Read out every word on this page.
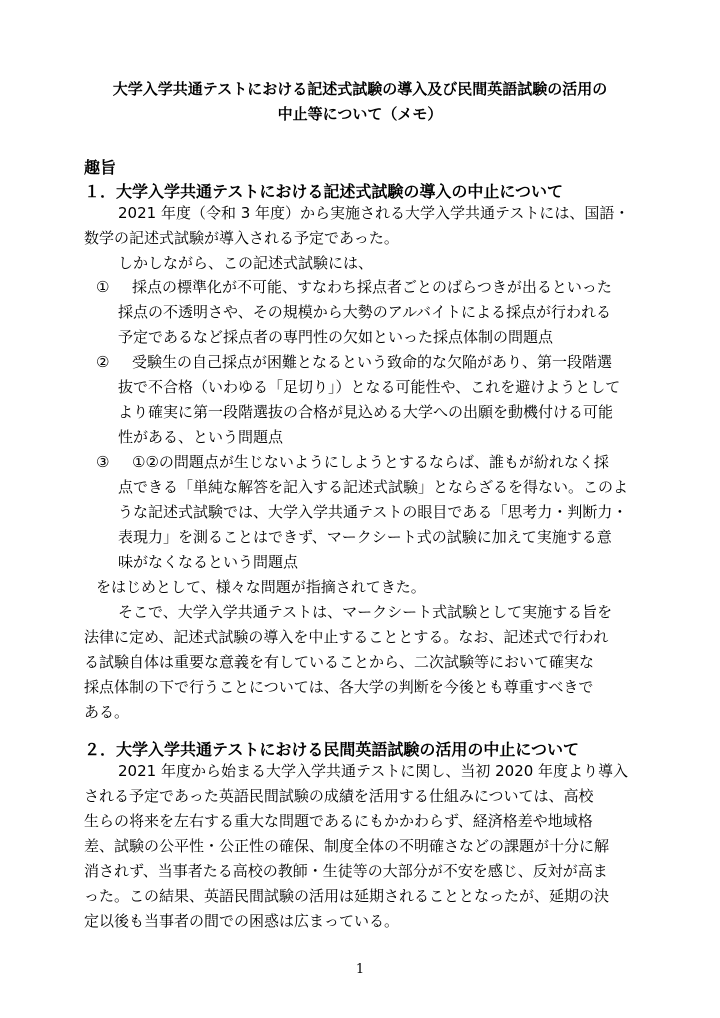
大学入学共通テストにおける記述式試験の導入及び民間英語試験の活用の
中止等について（メモ）
趣旨
１．大学入学共通テストにおける記述式試験の導入の中止について
2021 年度（令和 3 年度）から実施される大学入学共通テストには、国語・
数学の記述式試験が導入される予定であった。
しかしながら、この記述式試験には、
① 採点の標準化が不可能、すなわち採点者ごとのばらつきが出るといった
採点の不透明さや、その規模から大勢のアルバイトによる採点が行われる
予定であるなど採点者の専門性の欠如といった採点体制の問題点
② 受験生の自己採点が困難となるという致命的な欠陥があり、第一段階選
抜で不合格（いわゆる「足切り」）となる可能性や、これを避けようとして
より確実に第一段階選抜の合格が見込める大学への出願を動機付ける可能
性がある、という問題点
③ ①②の問題点が生じないようにしようとするならば、誰もが紛れなく採
点できる「単純な解答を記入する記述式試験」とならざるを得ない。このよ
うな記述式試験では、大学入学共通テストの眼目である「思考力・判断力・
表現力」を測ることはできず、マークシート式の試験に加えて実施する意
味がなくなるという問題点
をはじめとして、様々な問題が指摘されてきた。
そこで、大学入学共通テストは、マークシート式試験として実施する旨を
法律に定め、記述式試験の導入を中止することとする。なお、記述式で行われ
る試験自体は重要な意義を有していることから、二次試験等において確実な
採点体制の下で行うことについては、各大学の判断を今後とも尊重すべきで
ある。
２．大学入学共通テストにおける民間英語試験の活用の中止について
2021 年度から始まる大学入学共通テストに関し、当初 2020 年度より導入
される予定であった英語民間試験の成績を活用する仕組みについては、高校
生らの将来を左右する重大な問題であるにもかかわらず、経済格差や地域格
差、試験の公平性・公正性の確保、制度全体の不明確さなどの課題が十分に解
消されず、当事者たる高校の教師・生徒等の大部分が不安を感じ、反対が高ま
った。この結果、英語民間試験の活用は延期されることとなったが、延期の決
定以後も当事者の間での困惑は広まっている。
1
